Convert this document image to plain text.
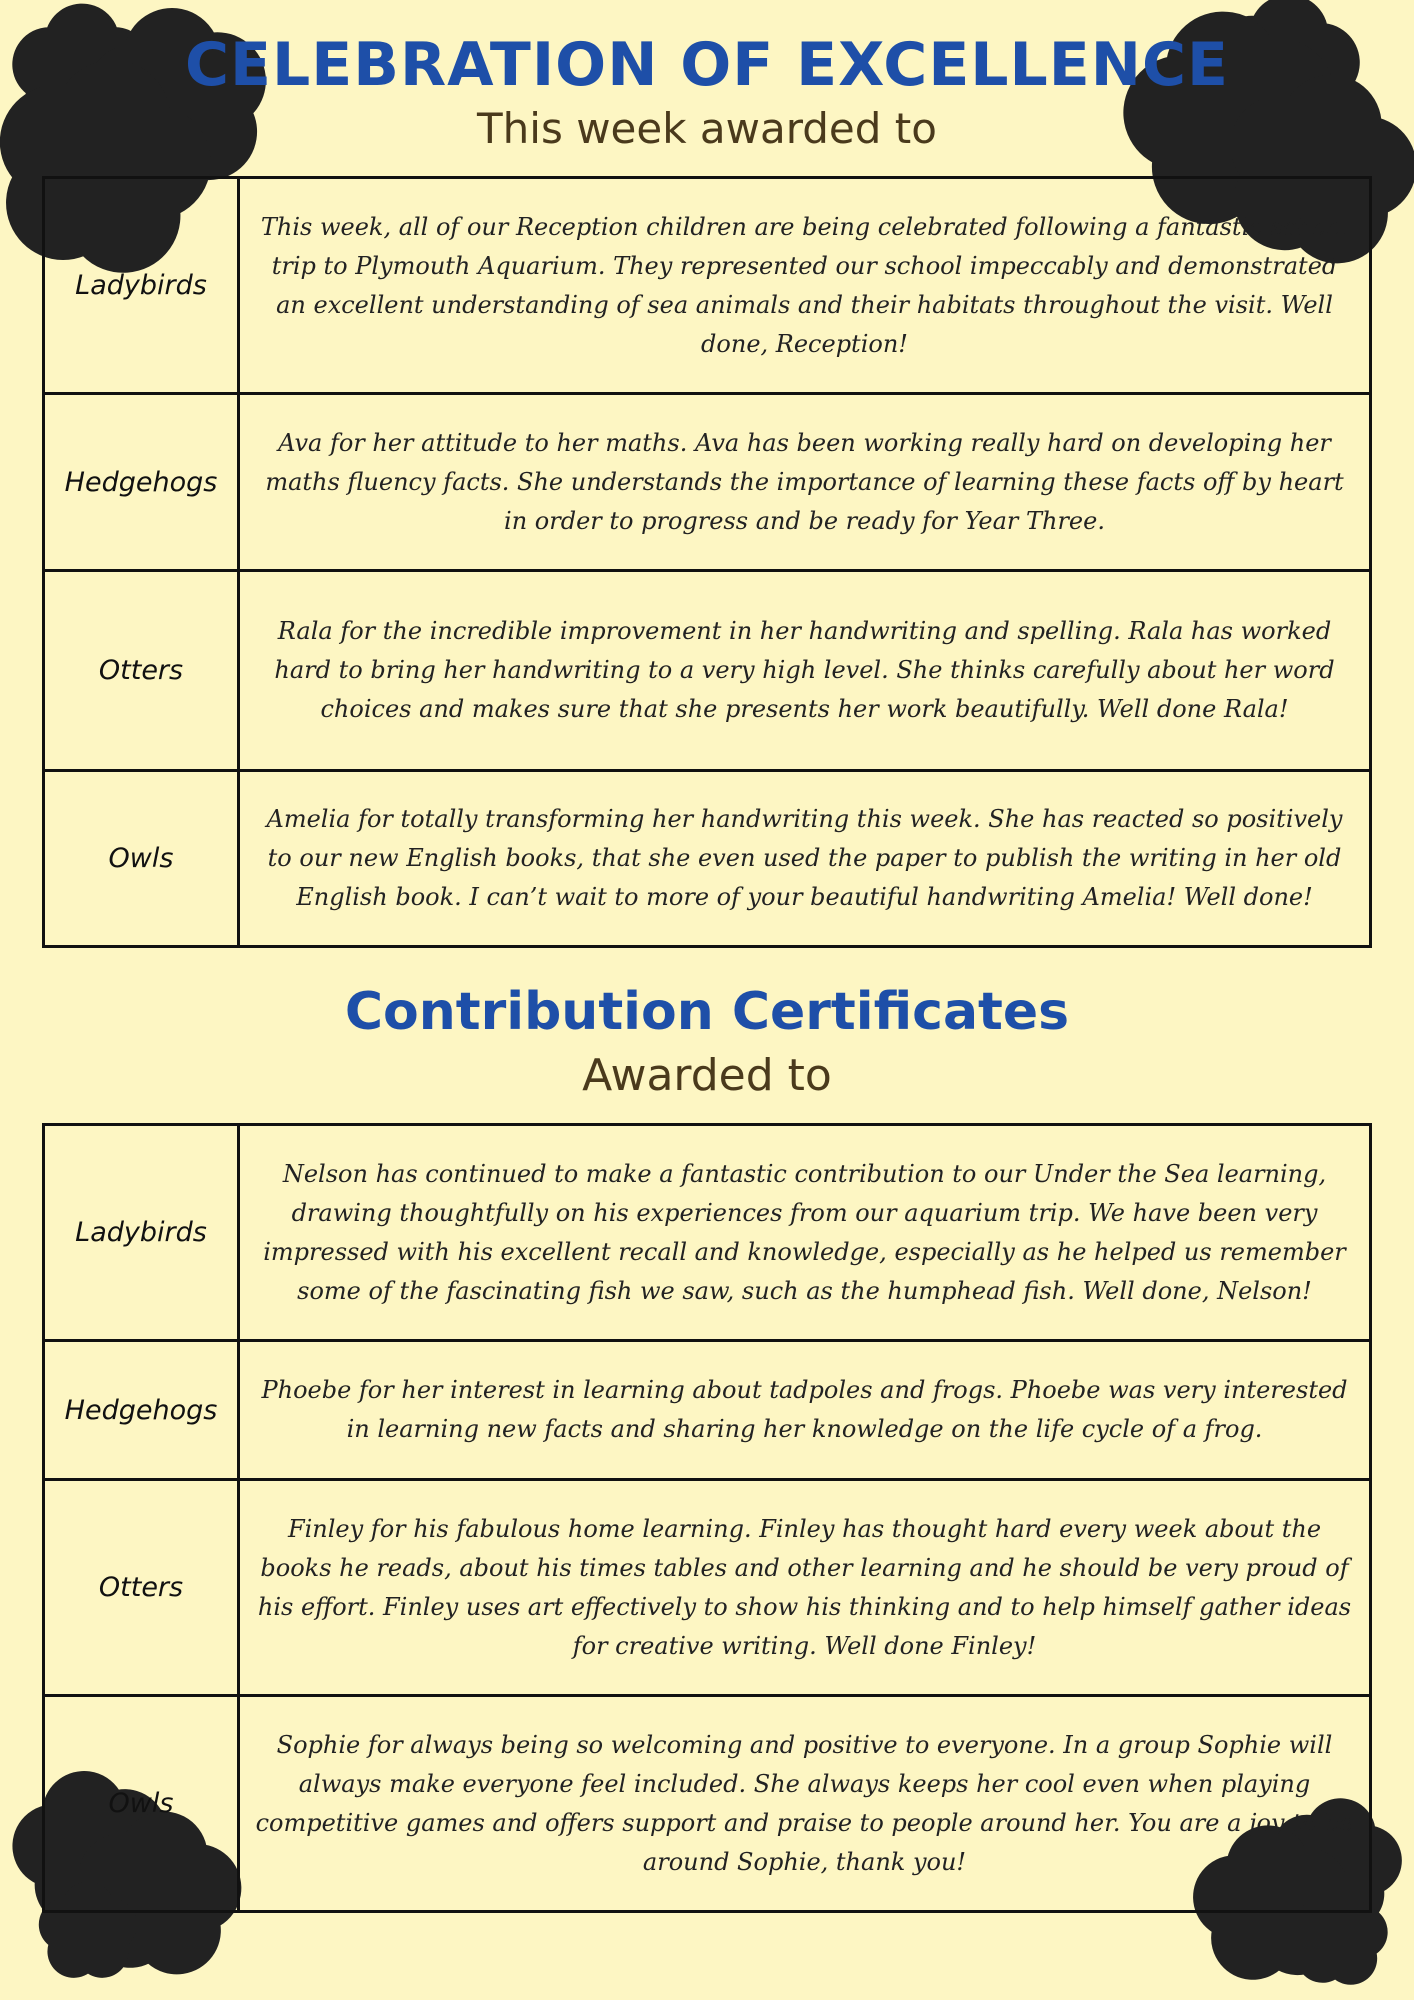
CELEBRATION OF EXCELLENCE
This week awarded to
Ladybirds	This week, all of our Reception children are being celebrated following a fantastic school trip to Plymouth Aquarium. They represented our school impeccably and demonstrated an excellent understanding of sea animals and their habitats throughout the visit. Well done, Reception!
Hedgehogs	Ava for her attitude to her maths. Ava has been working really hard on developing her maths fluency facts. She understands the importance of learning these facts off by heart in order to progress and be ready for Year Three.
Otters	Rala for the incredible improvement in her handwriting and spelling. Rala has worked hard to bring her handwriting to a very high level. She thinks carefully about her word choices and makes sure that she presents her work beautifully. Well done Rala!
Owls	Amelia for totally transforming her handwriting this week. She has reacted so positively to our new English books, that she even used the paper to publish the writing in her old English book. I can’t wait to more of your beautiful handwriting Amelia! Well done!
Contribution Certificates
Awarded to
Ladybirds	Nelson has continued to make a fantastic contribution to our Under the Sea learning, drawing thoughtfully on his experiences from our aquarium trip. We have been very impressed with his excellent recall and knowledge, especially as he helped us remember some of the fascinating fish we saw, such as the humphead fish. Well done, Nelson!
Hedgehogs	Phoebe for her interest in learning about tadpoles and frogs. Phoebe was very interested in learning new facts and sharing her knowledge on the life cycle of a frog.
Otters	Finley for his fabulous home learning. Finley has thought hard every week about the books he reads, about his times tables and other learning and he should be very proud of his effort. Finley uses art effectively to show his thinking and to help himself gather ideas for creative writing. Well done Finley!
Owls	Sophie for always being so welcoming and positive to everyone. In a group Sophie will always make everyone feel included. She always keeps her cool even when playing competitive games and offers support and praise to people around her. You are a joy to be around Sophie, thank you!
